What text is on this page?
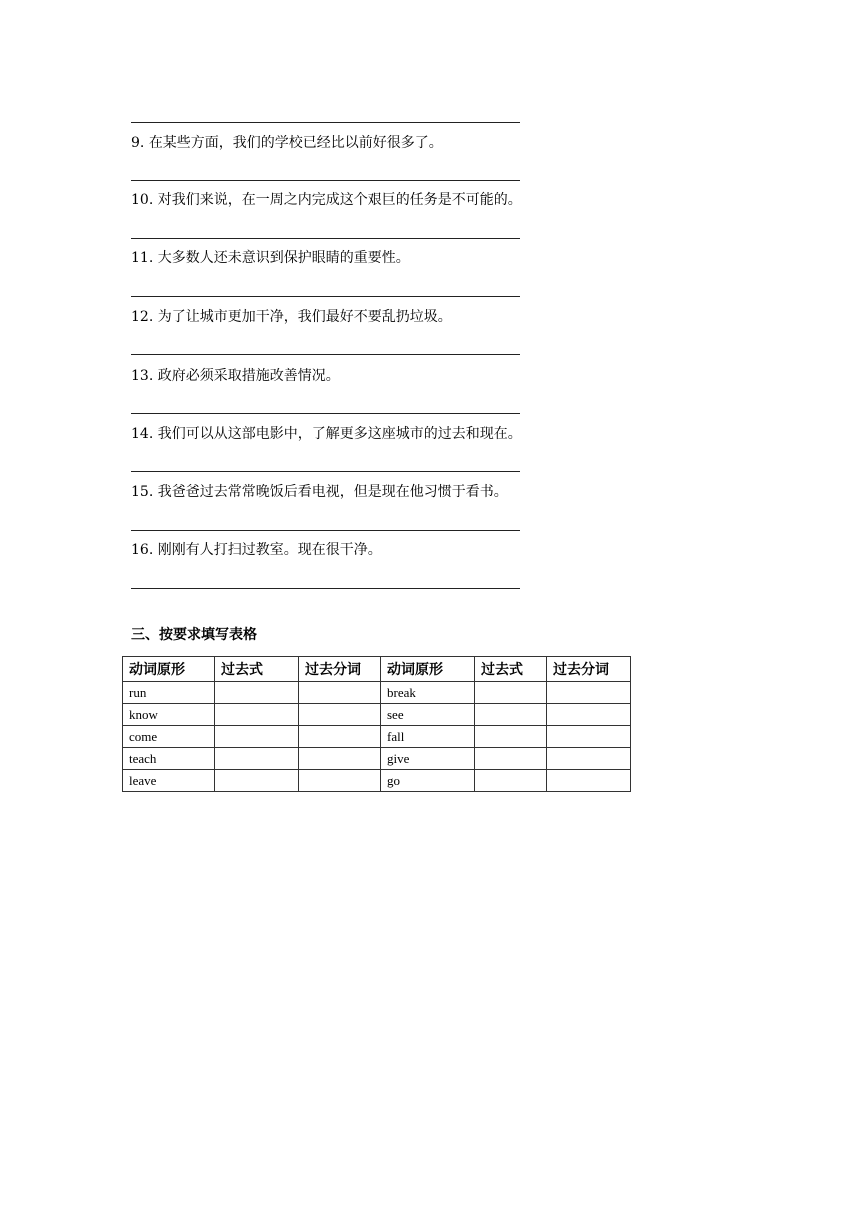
9. 在某些方面，我们的学校已经比以前好很多了。
10. 对我们来说，在一周之内完成这个艰巨的任务是不可能的。
11. 大多数人还未意识到保护眼睛的重要性。
12. 为了让城市更加干净，我们最好不要乱扔垃圾。
13. 政府必须采取措施改善情况。
14. 我们可以从这部电影中，了解更多这座城市的过去和现在。
15. 我爸爸过去常常晚饭后看电视，但是现在他习惯于看书。
16. 刚刚有人打扫过教室。现在很干净。
三、按要求填写表格
动词原形	过去式	过去分词	动词原形	过去式	过去分词
run			break		
know			see		
come			fall		
teach			give		
leave			go		
